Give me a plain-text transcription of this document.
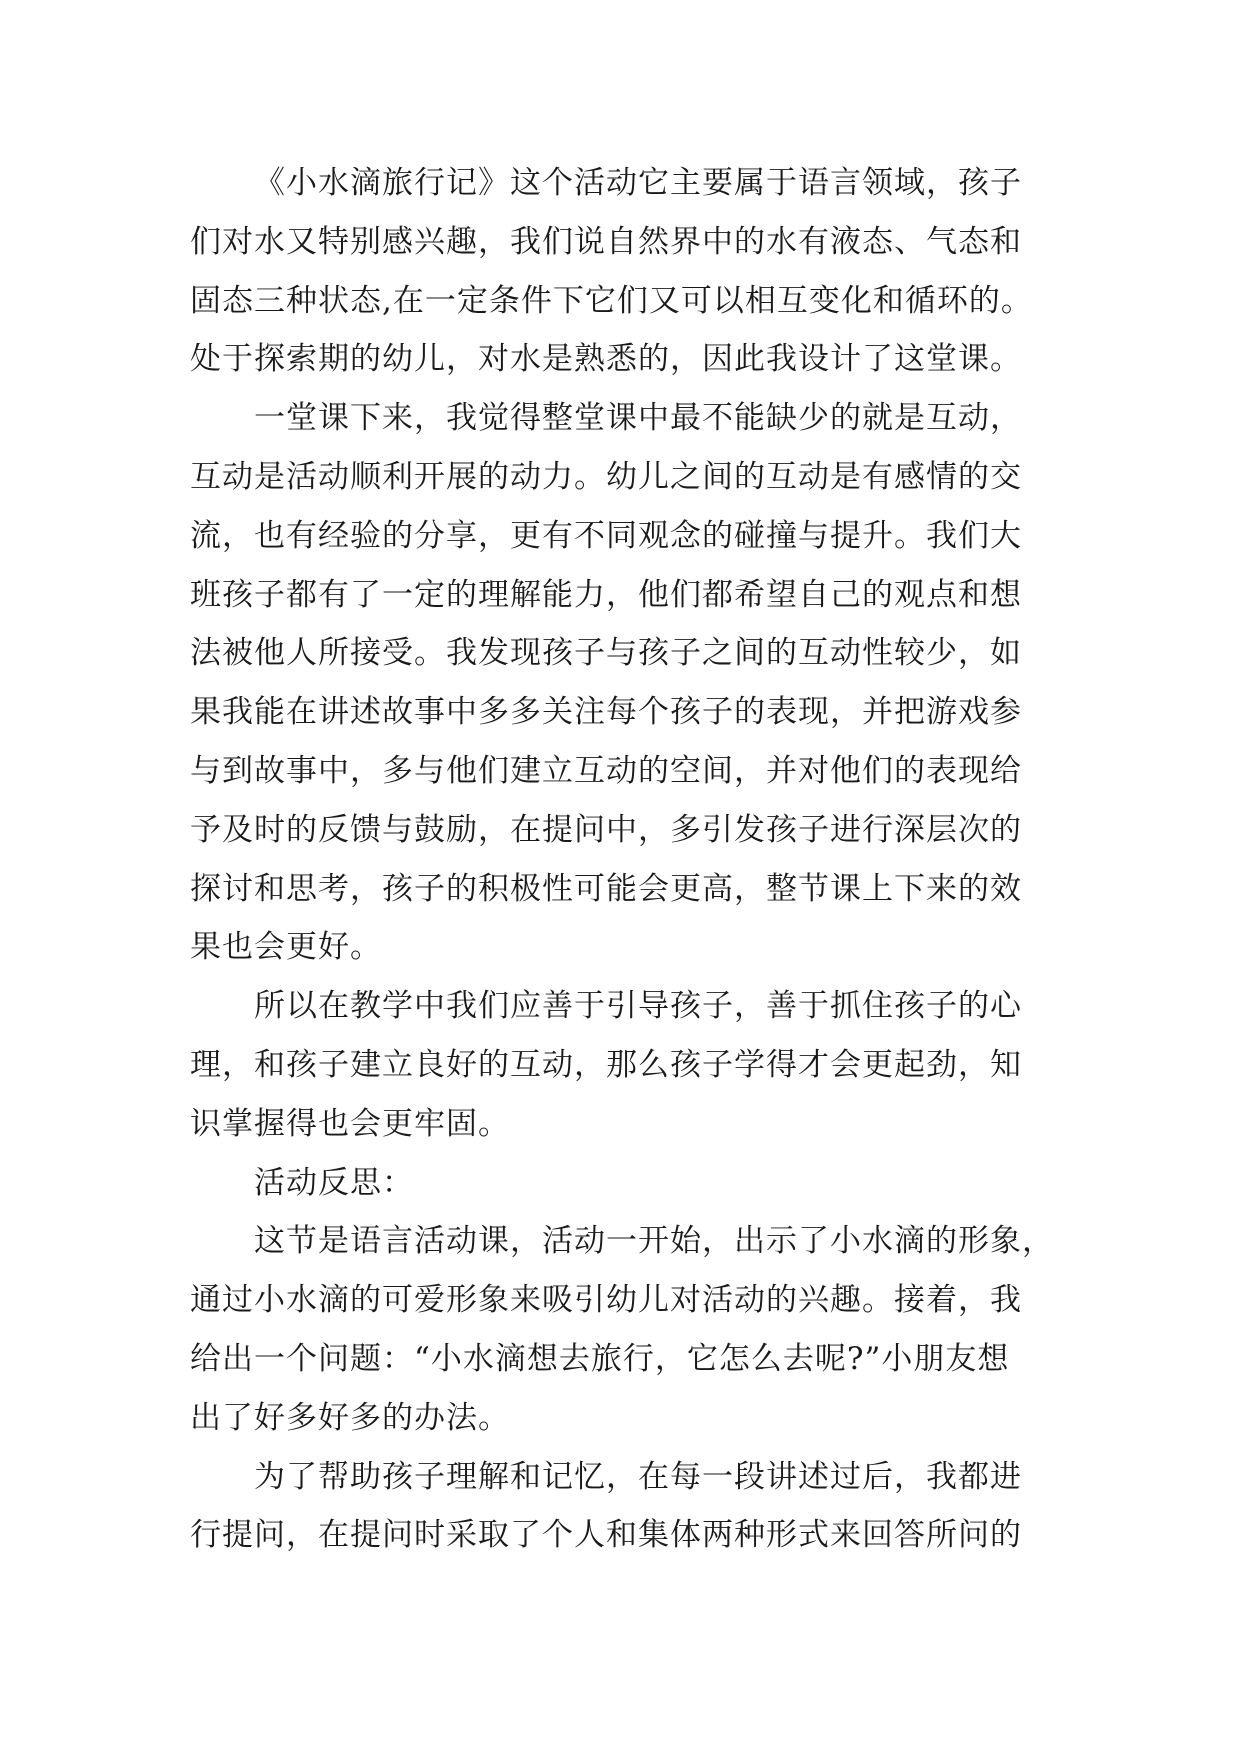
《小水滴旅行记》这个活动它主要属于语言领域，孩子
们对水又特别感兴趣，我们说自然界中的水有液态、气态和
固态三种状态,在一定条件下它们又可以相互变化和循环的。
处于探索期的幼儿，对水是熟悉的，因此我设计了这堂课。
一堂课下来，我觉得整堂课中最不能缺少的就是互动，
互动是活动顺利开展的动力。幼儿之间的互动是有感情的交
流，也有经验的分享，更有不同观念的碰撞与提升。我们大
班孩子都有了一定的理解能力，他们都希望自己的观点和想
法被他人所接受。我发现孩子与孩子之间的互动性较少，如
果我能在讲述故事中多多关注每个孩子的表现，并把游戏参
与到故事中，多与他们建立互动的空间，并对他们的表现给
予及时的反馈与鼓励，在提问中，多引发孩子进行深层次的
探讨和思考，孩子的积极性可能会更高，整节课上下来的效
果也会更好。
所以在教学中我们应善于引导孩子，善于抓住孩子的心
理，和孩子建立良好的互动，那么孩子学得才会更起劲，知
识掌握得也会更牢固。
活动反思：
这节是语言活动课，活动一开始，出示了小水滴的形象，
通过小水滴的可爱形象来吸引幼儿对活动的兴趣。接着，我
给出一个问题：“小水滴想去旅行，它怎么去呢?”小朋友想
出了好多好多的办法。
为了帮助孩子理解和记忆，在每一段讲述过后，我都进
行提问，在提问时采取了个人和集体两种形式来回答所问的
